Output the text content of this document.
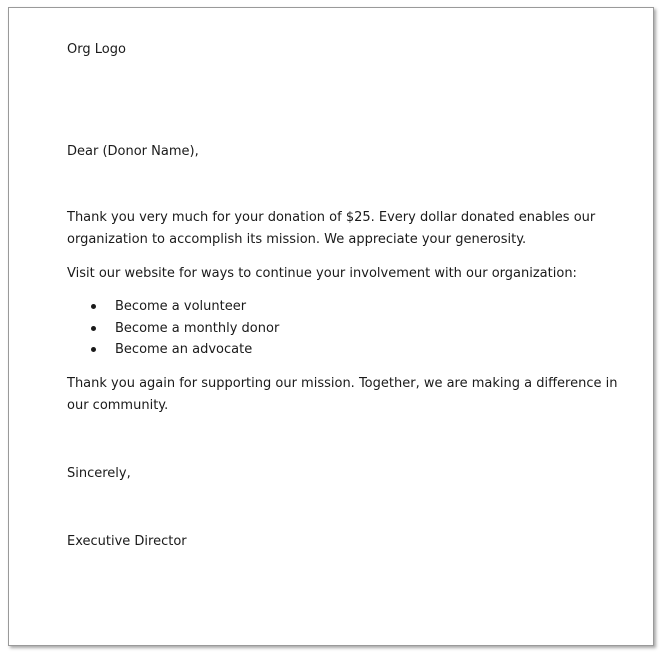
Org Logo
Dear (Donor Name),
Thank you very much for your donation of $25. Every dollar donated enables our organization to accomplish its mission. We appreciate your generosity.
Visit our website for ways to continue your involvement with our organization:
Become a volunteer
Become a monthly donor
Become an advocate
Thank you again for supporting our mission. Together, we are making a difference in our community.
Sincerely,
Executive Director
